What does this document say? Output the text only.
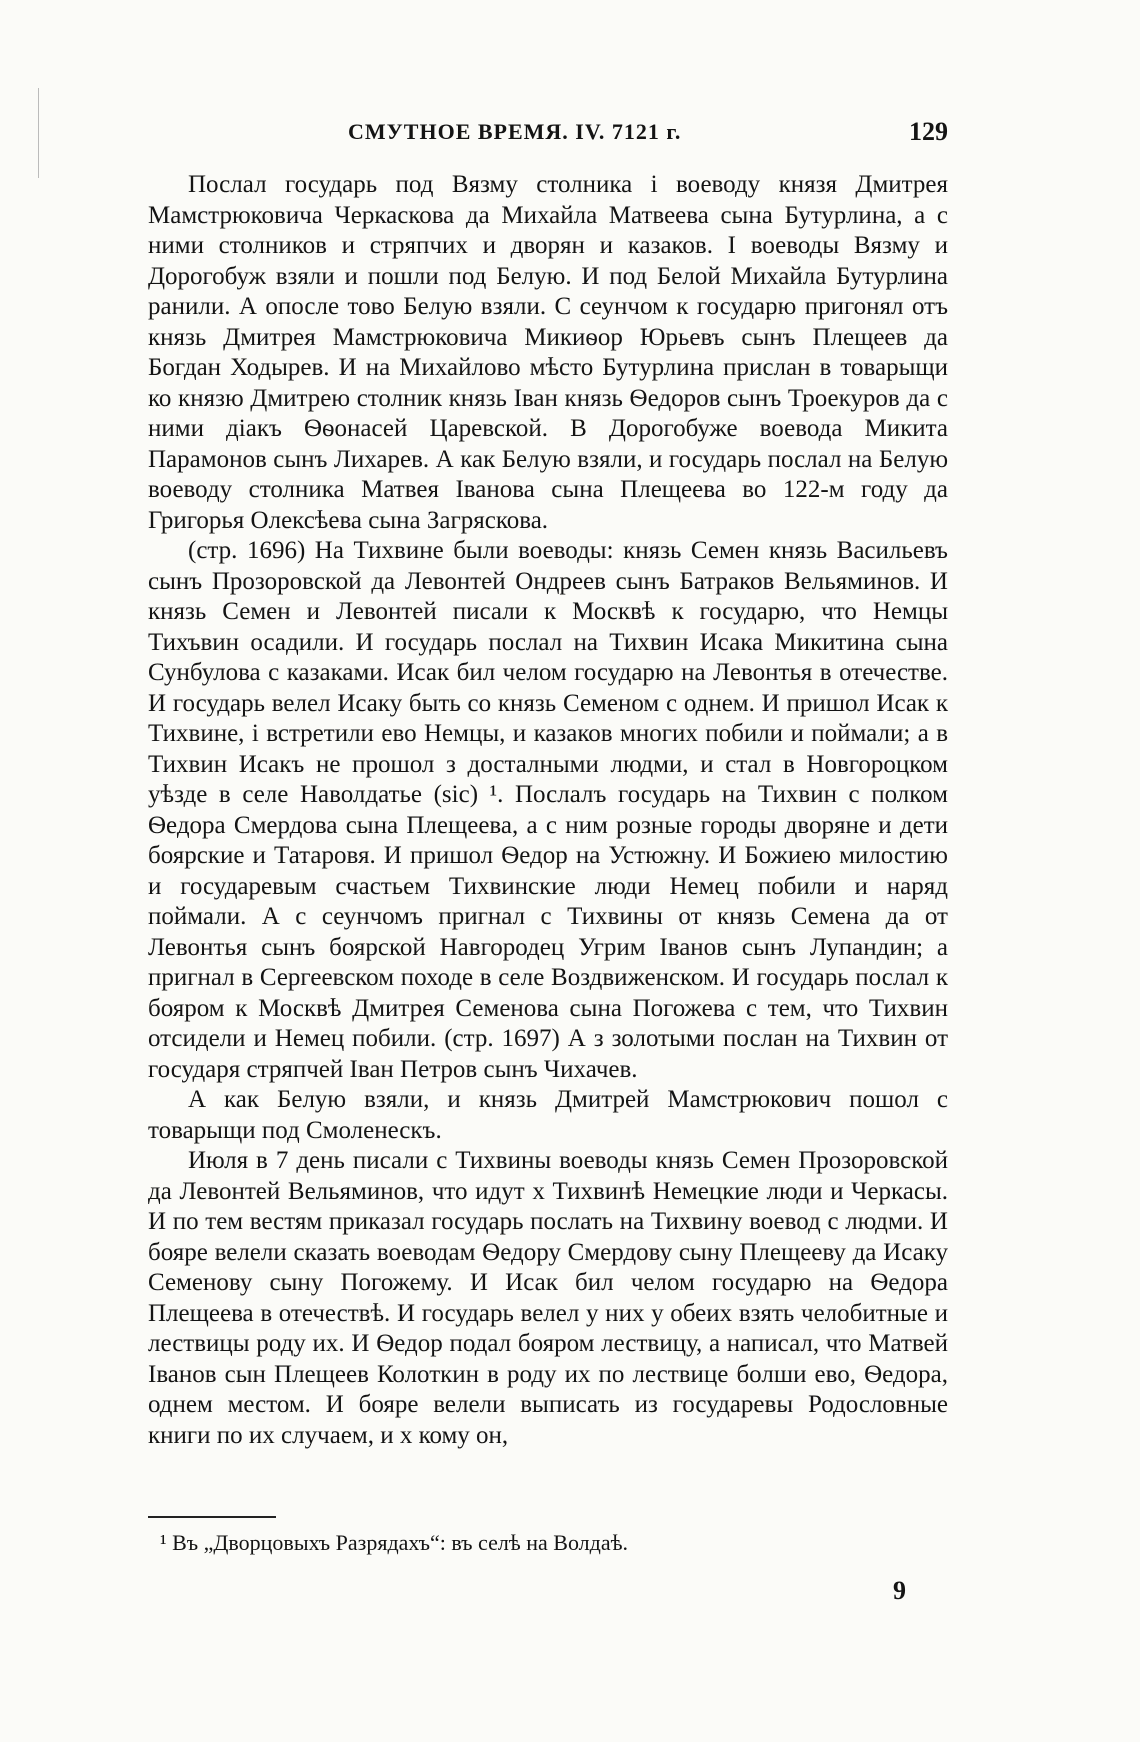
СМУТНОЕ ВРЕМЯ. IV. 7121 г.	129

Послал государь под Вязму столника і воеводу князя Дмитрея Мамстрюковича Черкаскова да Михайла Матвеева сына Бутурлина, а с ними столников и стряпчих и дворян и казаков. І воеводы Вязму и Дорогобуж взяли и пошли под Белую. И под Белой Михайла Бутурлина ранили. А опосле тово Белую взяли. С сеунчом к государю пригонял отъ князь Дмитрея Мамстрюковича Микиѳор Юрьевъ сынъ Плещеев да Богдан Ходырев. И на Михайлово мѣсто Бутурлина прислан в товарыщи ко князю Дмитрею столник князь Іван князь Ѳедоров сынъ Троекуров да с ними діакъ Ѳѳонасей Царевской. В Дорогобуже воевода Микита Парамонов сынъ Лихарев. А как Белую взяли, и государь послал на Белую воеводу столника Матвея Іванова сына Плещеева во 122-м году да Григорья Олексѣева сына Загряскова.

(стр. 1696) На Тихвине были воеводы: князь Семен князь Васильевъ сынъ Прозоровской да Левонтей Ондреев сынъ Батраков Вельяминов. И князь Семен и Левонтей писали к Москвѣ к государю, что Немцы Тихъвин осадили. И государь послал на Тихвин Исака Микитина сына Сунбулова с казаками. Исак бил челом государю на Левонтья в отечестве. И государь велел Исаку быть со князь Семеном с однем. И пришол Исак к Тихвине, і встретили ево Немцы, и казаков многих побили и поймали; а в Тихвин Исакъ не прошол з досталными людми, и стал в Новгороцком уѣзде в селе Наволдатье (sic) ¹. Послалъ государь на Тихвин с полком Ѳедора Смердова сына Плещеева, а с ним розные городы дворяне и дети боярские и Татаровя. И пришол Ѳедор на Устюжну. И Божиею милостию и государевым счастьем Тихвинские люди Немец побили и наряд поймали. А с сеунчомъ пригнал с Тихвины от князь Семена да от Левонтья сынъ боярской Навгородец Угрим Іванов сынъ Лупандин; а пригнал в Сергеевском походе в селе Воздвиженском. И государь послал к бояром к Москвѣ Дмитрея Семенова сына Погожева с тем, что Тихвин отсидели и Немец побили. (стр. 1697) А з золотыми послан на Тихвин от государя стряпчей Іван Петров сынъ Чихачев.

А как Белую взяли, и князь Дмитрей Мамстрюкович пошол с товарыщи под Смоленескъ.

Июля в 7 день писали с Тихвины воеводы князь Семен Прозоровской да Левонтей Вельяминов, что идут х Тихвинѣ Немецкие люди и Черкасы. И по тем вестям приказал государь послать на Тихвину воевод с людми. И бояре велели сказать воеводам Ѳедору Смердову сыну Плещееву да Исаку Семенову сыну Погожему. И Исак бил челом государю на Ѳедора Плещеева в отечествѣ. И государь велел у них у обеих взять челобитные и лествицы роду их. И Ѳедор подал бояром лествицу, а написал, что Матвей Іванов сын Плещеев Колоткин в роду их по лествице болши ево, Ѳедора, однем местом. И бояре велели выписать из государевы Родословные книги по их случаем, и х кому он,

¹ Въ „Дворцовыхъ Разрядахъ“: въ селѣ на Волдаѣ.
9
